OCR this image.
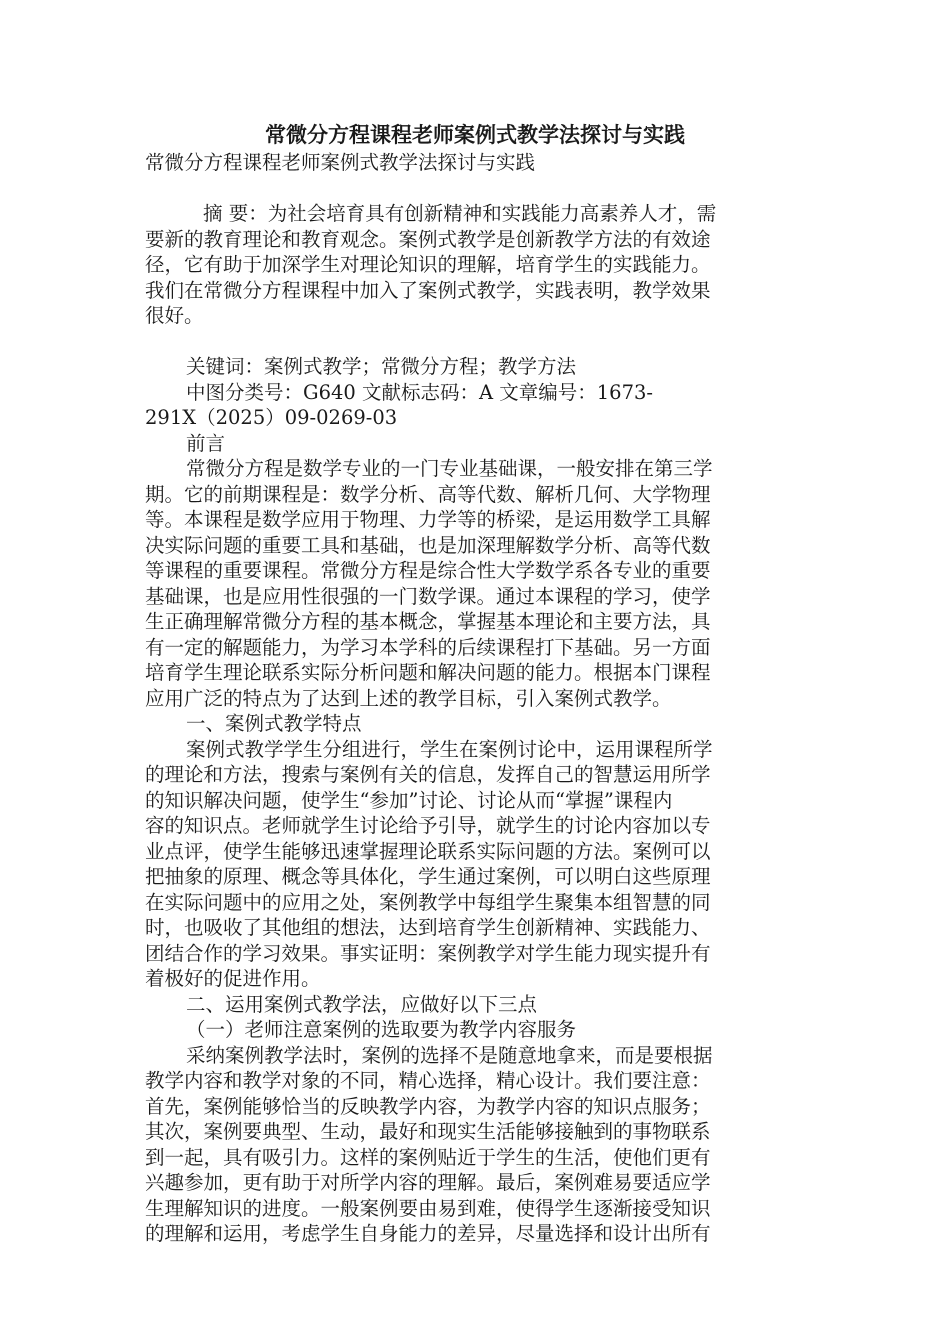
常微分方程课程老师案例式教学法探讨与实践
常微分方程课程老师案例式教学法探讨与实践
摘 要：为社会培育具有创新精神和实践能力高素养人才，需
要新的教育理论和教育观念。案例式教学是创新教学方法的有效途
径，它有助于加深学生对理论知识的理解，培育学生的实践能力。
我们在常微分方程课程中加入了案例式教学，实践表明，教学效果
很好。
关键词：案例式教学；常微分方程；教学方法
中图分类号：G640 文献标志码：A 文章编号：1673-
291X（2025）09-0269-03
前言
常微分方程是数学专业的一门专业基础课，一般安排在第三学
期。它的前期课程是：数学分析、高等代数、解析几何、大学物理
等。本课程是数学应用于物理、力学等的桥梁，是运用数学工具解
决实际问题的重要工具和基础，也是加深理解数学分析、高等代数
等课程的重要课程。常微分方程是综合性大学数学系各专业的重要
基础课，也是应用性很强的一门数学课。通过本课程的学习，使学
生正确理解常微分方程的基本概念，掌握基本理论和主要方法，具
有一定的解题能力，为学习本学科的后续课程打下基础。另一方面
培育学生理论联系实际分析问题和解决问题的能力。根据本门课程
应用广泛的特点为了达到上述的教学目标，引入案例式教学。
一、案例式教学特点
案例式教学学生分组进行，学生在案例讨论中，运用课程所学
的理论和方法，搜索与案例有关的信息，发挥自己的智慧运用所学
的知识解决问题，使学生“参加”讨论、讨论从而“掌握”课程内
容的知识点。老师就学生讨论给予引导，就学生的讨论内容加以专
业点评，使学生能够迅速掌握理论联系实际问题的方法。案例可以
把抽象的原理、概念等具体化，学生通过案例，可以明白这些原理
在实际问题中的应用之处，案例教学中每组学生聚集本组智慧的同
时，也吸收了其他组的想法，达到培育学生创新精神、实践能力、
团结合作的学习效果。事实证明：案例教学对学生能力现实提升有
着极好的促进作用。
二、运用案例式教学法，应做好以下三点
（一）老师注意案例的选取要为教学内容服务
采纳案例教学法时，案例的选择不是随意地拿来，而是要根据
教学内容和教学对象的不同，精心选择，精心设计。我们要注意：
首先，案例能够恰当的反映教学内容，为教学内容的知识点服务；
其次，案例要典型、生动，最好和现实生活能够接触到的事物联系
到一起，具有吸引力。这样的案例贴近于学生的生活，使他们更有
兴趣参加，更有助于对所学内容的理解。最后，案例难易要适应学
生理解知识的进度。一般案例要由易到难，使得学生逐渐接受知识
的理解和运用，考虑学生自身能力的差异，尽量选择和设计出所有
